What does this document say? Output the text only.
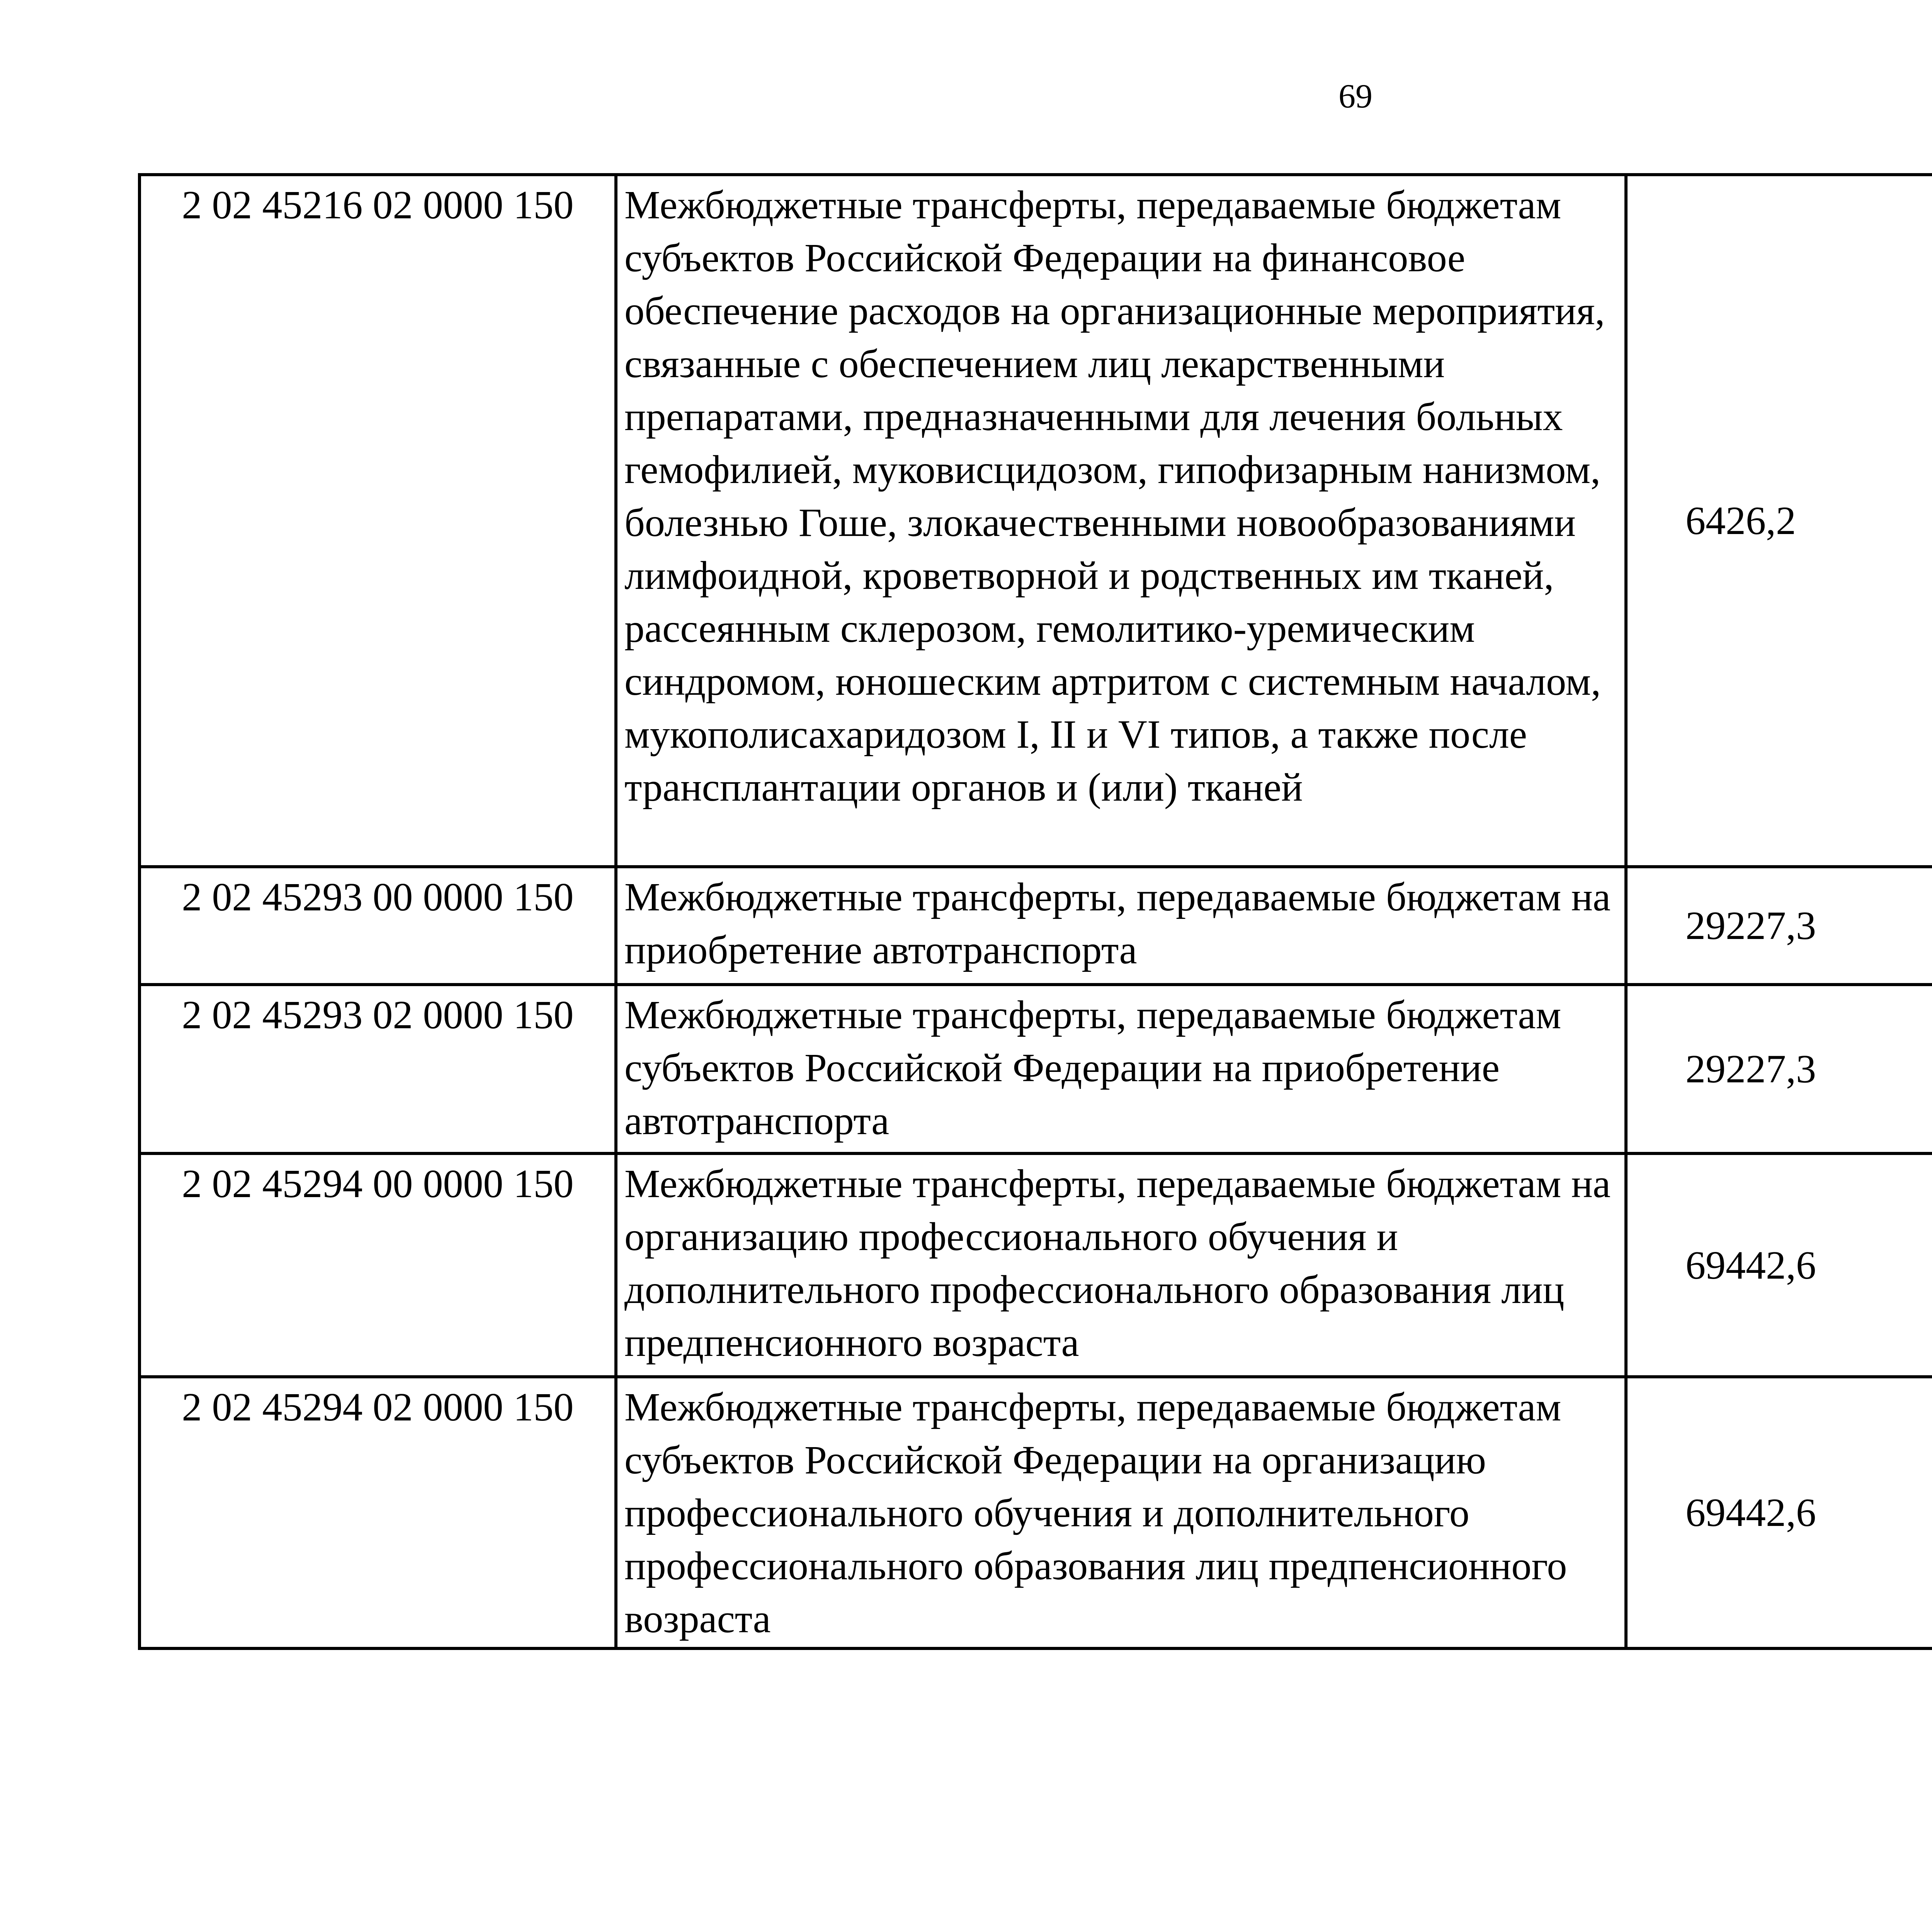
69
2 02 45216 02 0000 150	Межбюджетные трансферты, передаваемые бюджетам субъектов Российской Федерации на финансовое обеспечение расходов на организационные мероприятия, связанные с обеспечением лиц лекарственными препаратами, предназначенными для лечения больных гемофилией, муковисцидозом, гипофизарным нанизмом, болезнью Гоше, злокачественными новообразованиями лимфоидной, кроветворной и родственных им тканей, рассеянным склерозом, гемолитико-уремическим синдромом, юношеским артритом с системным началом, мукополисахаридозом I, II и VI типов, а также после трансплантации органов и (или) тканей	6426,2		
2 02 45293 00 0000 150	Межбюджетные трансферты, передаваемые бюджетам на приобретение автотранспорта	29227,3		
2 02 45293 02 0000 150	Межбюджетные трансферты, передаваемые бюджетам субъектов Российской Федерации на приобретение автотранспорта	29227,3		
2 02 45294 00 0000 150	Межбюджетные трансферты, передаваемые бюджетам на организацию профессионального обучения и дополнительного профессионального образования лиц предпенсионного возраста	69442,6		
2 02 45294 02 0000 150	Межбюджетные трансферты, передаваемые бюджетам субъектов Российской Федерации на организацию профессионального обучения и дополнительного профессионального образования лиц предпенсионного возраста	69442,6		
